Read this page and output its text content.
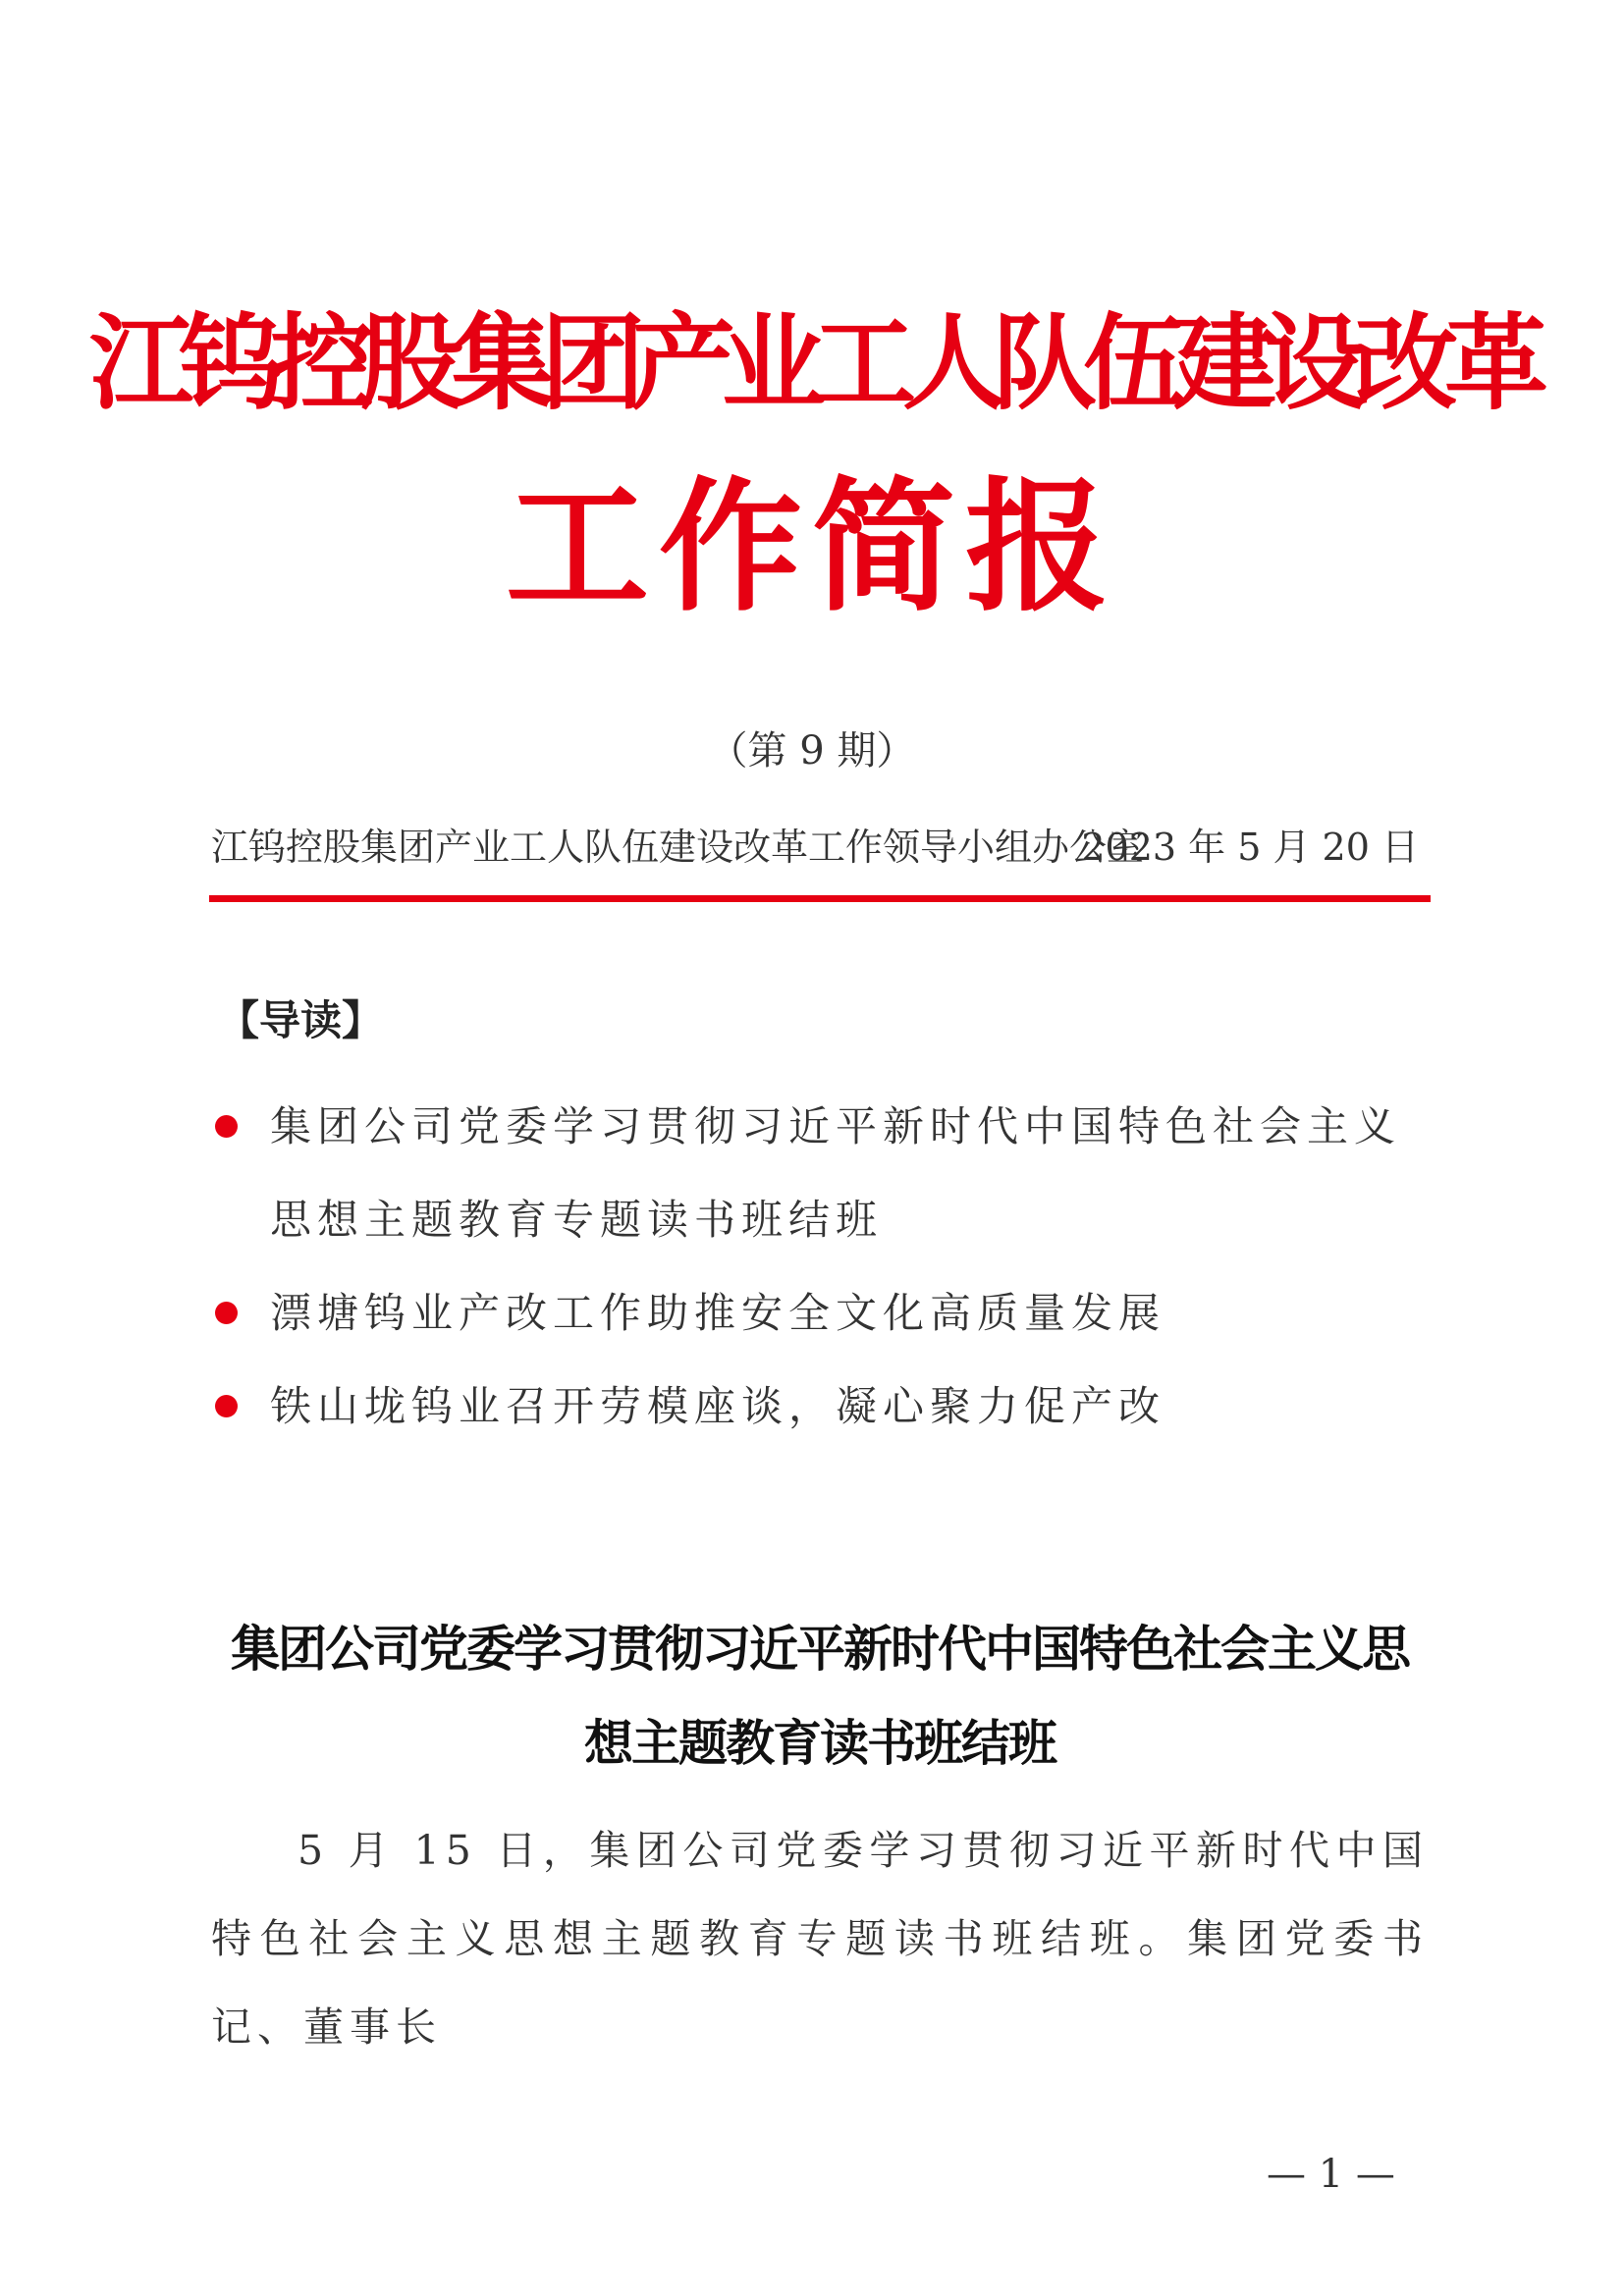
江钨控股集团产业工人队伍建设改革
工作简报
（第 9 期）
江钨控股集团产业工人队伍建设改革工作领导小组办公室
2023 年 5 月 20 日
【导读】
集团公司党委学习贯彻习近平新时代中国特色社会主义思想主题教育专题读书班结班
漂塘钨业产改工作助推安全文化高质量发展
铁山垅钨业召开劳模座谈，凝心聚力促产改
集团公司党委学习贯彻习近平新时代中国特色社会主义思想主题教育读书班结班
5 月 15 日，集团公司党委学习贯彻习近平新时代中国特色社会主义思想主题教育专题读书班结班。集团党委书记、董事长
— 1 —
